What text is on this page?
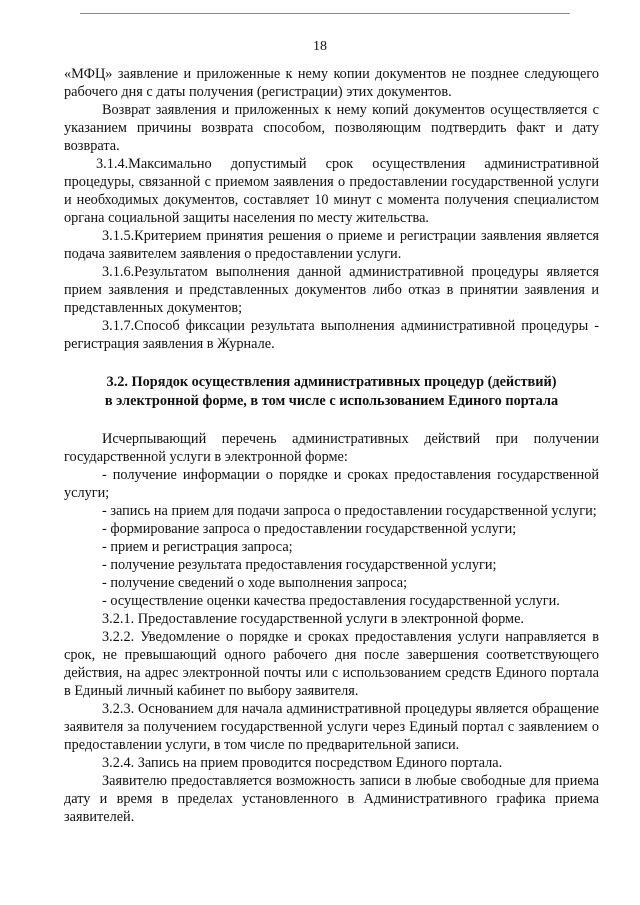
18

«МФЦ» заявление и приложенные к нему копии документов не позднее следующего рабочего дня с даты получения (регистрации) этих документов.

Возврат заявления и приложенных к нему копий документов осуществляется с указанием причины возврата способом, позволяющим подтвердить факт и дату возврата.

3.1.4.Максимально допустимый срок осуществления административной процедуры, связанной с приемом заявления о предоставлении государственной услуги и необходимых документов, составляет 10 минут с момента получения специалистом органа социальной защиты населения по месту жительства.

3.1.5.Критерием принятия решения о приеме и регистрации заявления является подача заявителем заявления о предоставлении услуги.

3.1.6.Результатом выполнения данной административной процедуры является прием заявления и представленных документов либо отказ в принятии заявления и представленных документов;

3.1.7.Способ фиксации результата выполнения административной процедуры - регистрация заявления в Журнале.

3.2. Порядок осуществления административных процедур (действий)
в электронной форме, в том числе с использованием Единого портала

Исчерпывающий перечень административных действий при получении государственной услуги в электронной форме:

- получение информации о порядке и сроках предоставления государственной услуги;

- запись на прием для подачи запроса о предоставлении государственной услуги;

- формирование запроса о предоставлении государственной услуги;

- прием и регистрация запроса;

- получение результата предоставления государственной услуги;

- получение сведений о ходе выполнения запроса;

- осуществление оценки качества предоставления государственной услуги.

3.2.1. Предоставление государственной услуги в электронной форме.

3.2.2. Уведомление о порядке и сроках предоставления услуги направляется в срок, не превышающий одного рабочего дня после завершения соответствующего действия, на адрес электронной почты или с использованием средств Единого портала в Единый личный кабинет по выбору заявителя.

3.2.3. Основанием для начала административной процедуры является обращение заявителя за получением государственной услуги через Единый портал с заявлением о предоставлении услуги, в том числе по предварительной записи.

3.2.4. Запись на прием проводится посредством Единого портала.

Заявителю предоставляется возможность записи в любые свободные для приема дату и время в пределах установленного в Административного графика приема заявителей.
